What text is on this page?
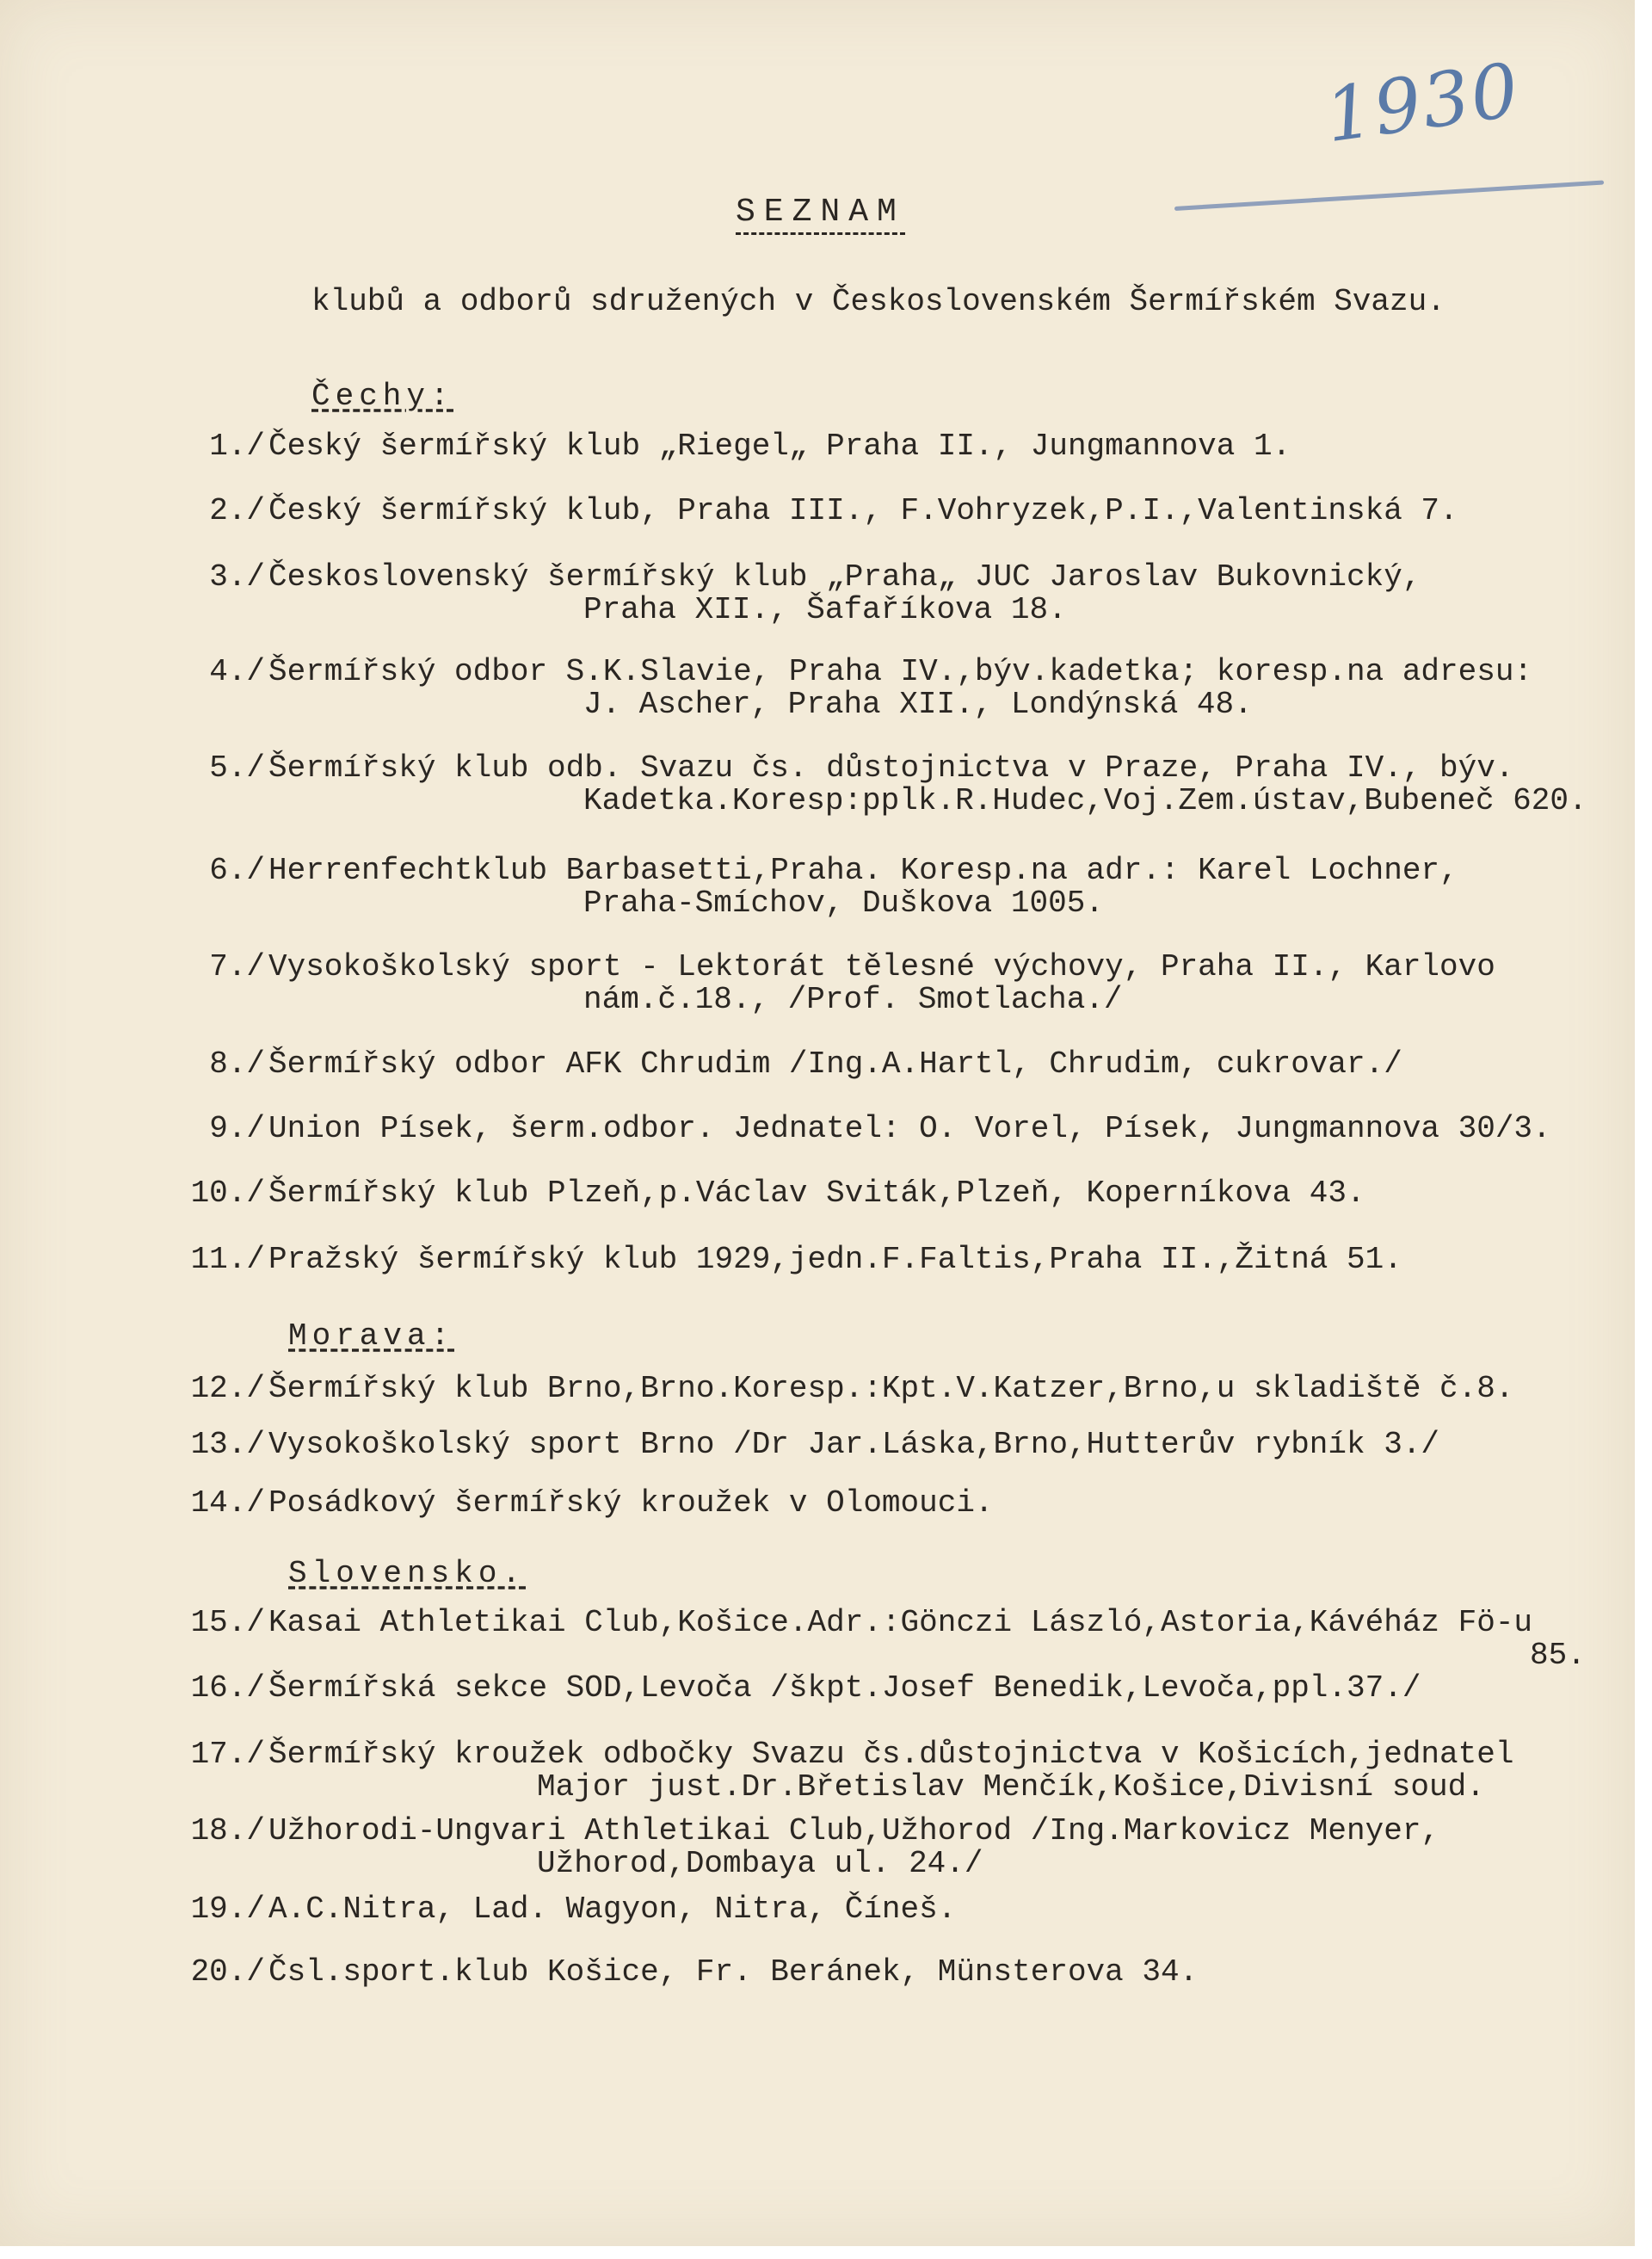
1930
SEZNAM
klubů a odborů sdružených v Československém Šermířském Svazu.
Čechy:
1./ Český šermířský klub „Riegel„ Praha II., Jungmannova 1.
2./ Český šermířský klub, Praha III., F.Vohryzek,P.I.,Valentinská 7.
3./ Československý šermířský klub „Praha„ JUC Jaroslav Bukovnický,
Praha XII., Šafaříkova 18.
4./ Šermířský odbor S.K.Slavie, Praha IV.,býv.kadetka; koresp.na adresu:
J. Ascher, Praha XII., Londýnská 48.
5./ Šermířský klub odb. Svazu čs. důstojnictva v Praze, Praha IV., býv.
Kadetka.Koresp:pplk.R.Hudec,Voj.Zem.ústav,Bubeneč 620.
6./ Herrenfechtklub Barbasetti,Praha. Koresp.na adr.: Karel Lochner,
Praha-Smíchov, Duškova 1005.
7./ Vysokoškolský sport - Lektorát tělesné výchovy, Praha II., Karlovo
nám.č.18., /Prof. Smotlacha./
8./ Šermířský odbor AFK Chrudim /Ing.A.Hartl, Chrudim, cukrovar./
9./ Union Písek, šerm.odbor. Jednatel: O. Vorel, Písek, Jungmannova 30/3.
10./ Šermířský klub Plzeň,p.Václav Sviták,Plzeň, Koperníkova 43.
11./ Pražský šermířský klub 1929,jedn.F.Faltis,Praha II.,Žitná 51.
Morava:
12./ Šermířský klub Brno,Brno.Koresp.:Kpt.V.Katzer,Brno,u skladiště č.8.
13./ Vysokoškolský sport Brno /Dr Jar.Láska,Brno,Hutterův rybník 3./
14./ Posádkový šermířský kroužek v Olomouci.
Slovensko.
15./ Kasai Athletikai Club,Košice.Adr.:Gönczi László,Astoria,Kávéház Fö-u
85.
16./ Šermířská sekce SOD,Levoča /škpt.Josef Benedik,Levoča,ppl.37./
17./ Šermířský kroužek odbočky Svazu čs.důstojnictva v Košicích,jednatel
Major just.Dr.Břetislav Menčík,Košice,Divisní soud.
18./ Užhorodi-Ungvari Athletikai Club,Užhorod /Ing.Markovicz Menyer,
Užhorod,Dombaya ul. 24./
19./ A.C.Nitra, Lad. Wagyon, Nitra, Číneš.
20./ Čsl.sport.klub Košice, Fr. Beránek, Münsterova 34.
